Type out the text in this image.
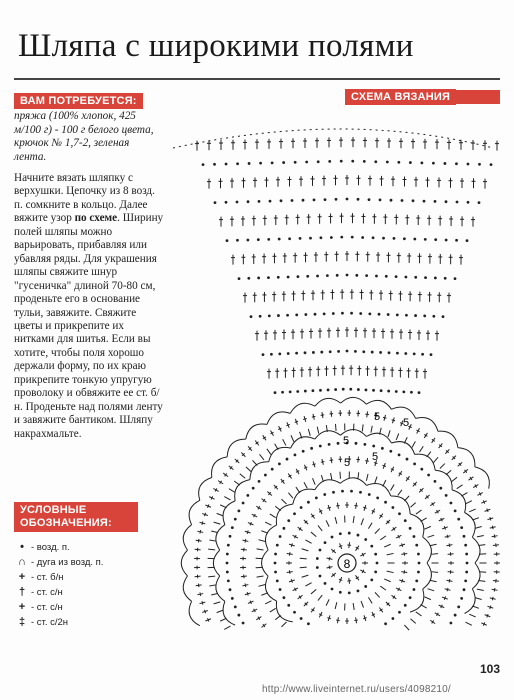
Шляпа с широкими полями
ВАМ ПОТРЕБУЕТСЯ:
пряжа (100% хлопок, 425 м/100 г) - 100 г белого цвета, крючок № 1,7-2, зеленая лента.
Начните вязать шляпку с верхушки. Цепочку из 8 возд. п. сомкните в кольцо. Далее вяжите узор по схеме. Ширину полей шляпы можно варьировать, прибавляя или убавляя ряды. Для украшения шляпы свяжите шнур "гусеничка" длиной 70-80 см, проденьте его в основание тульи, завяжите. Свяжите цветы и прикрепите их нитками для шитья. Если вы хотите, чтобы поля хорошо держали форму, по их краю прикрепите тонкую упругую проволоку и обвяжите ее ст. б/н. Проденьте над полями ленту и завяжите бантиком. Шляпу накрахмальте.
СХЕМА ВЯЗАНИЯ
8
5 5
5
5 5
УСЛОВНЫЕ ОБОЗНАЧЕНИЯ:
• - возд. п.
∩ - дуга из возд. п.
+ - ст. б/н
† - ст. с/н
+ - ст. с/н
‡ - ст. с/2н
103
http://www.liveinternet.ru/users/4098210/
